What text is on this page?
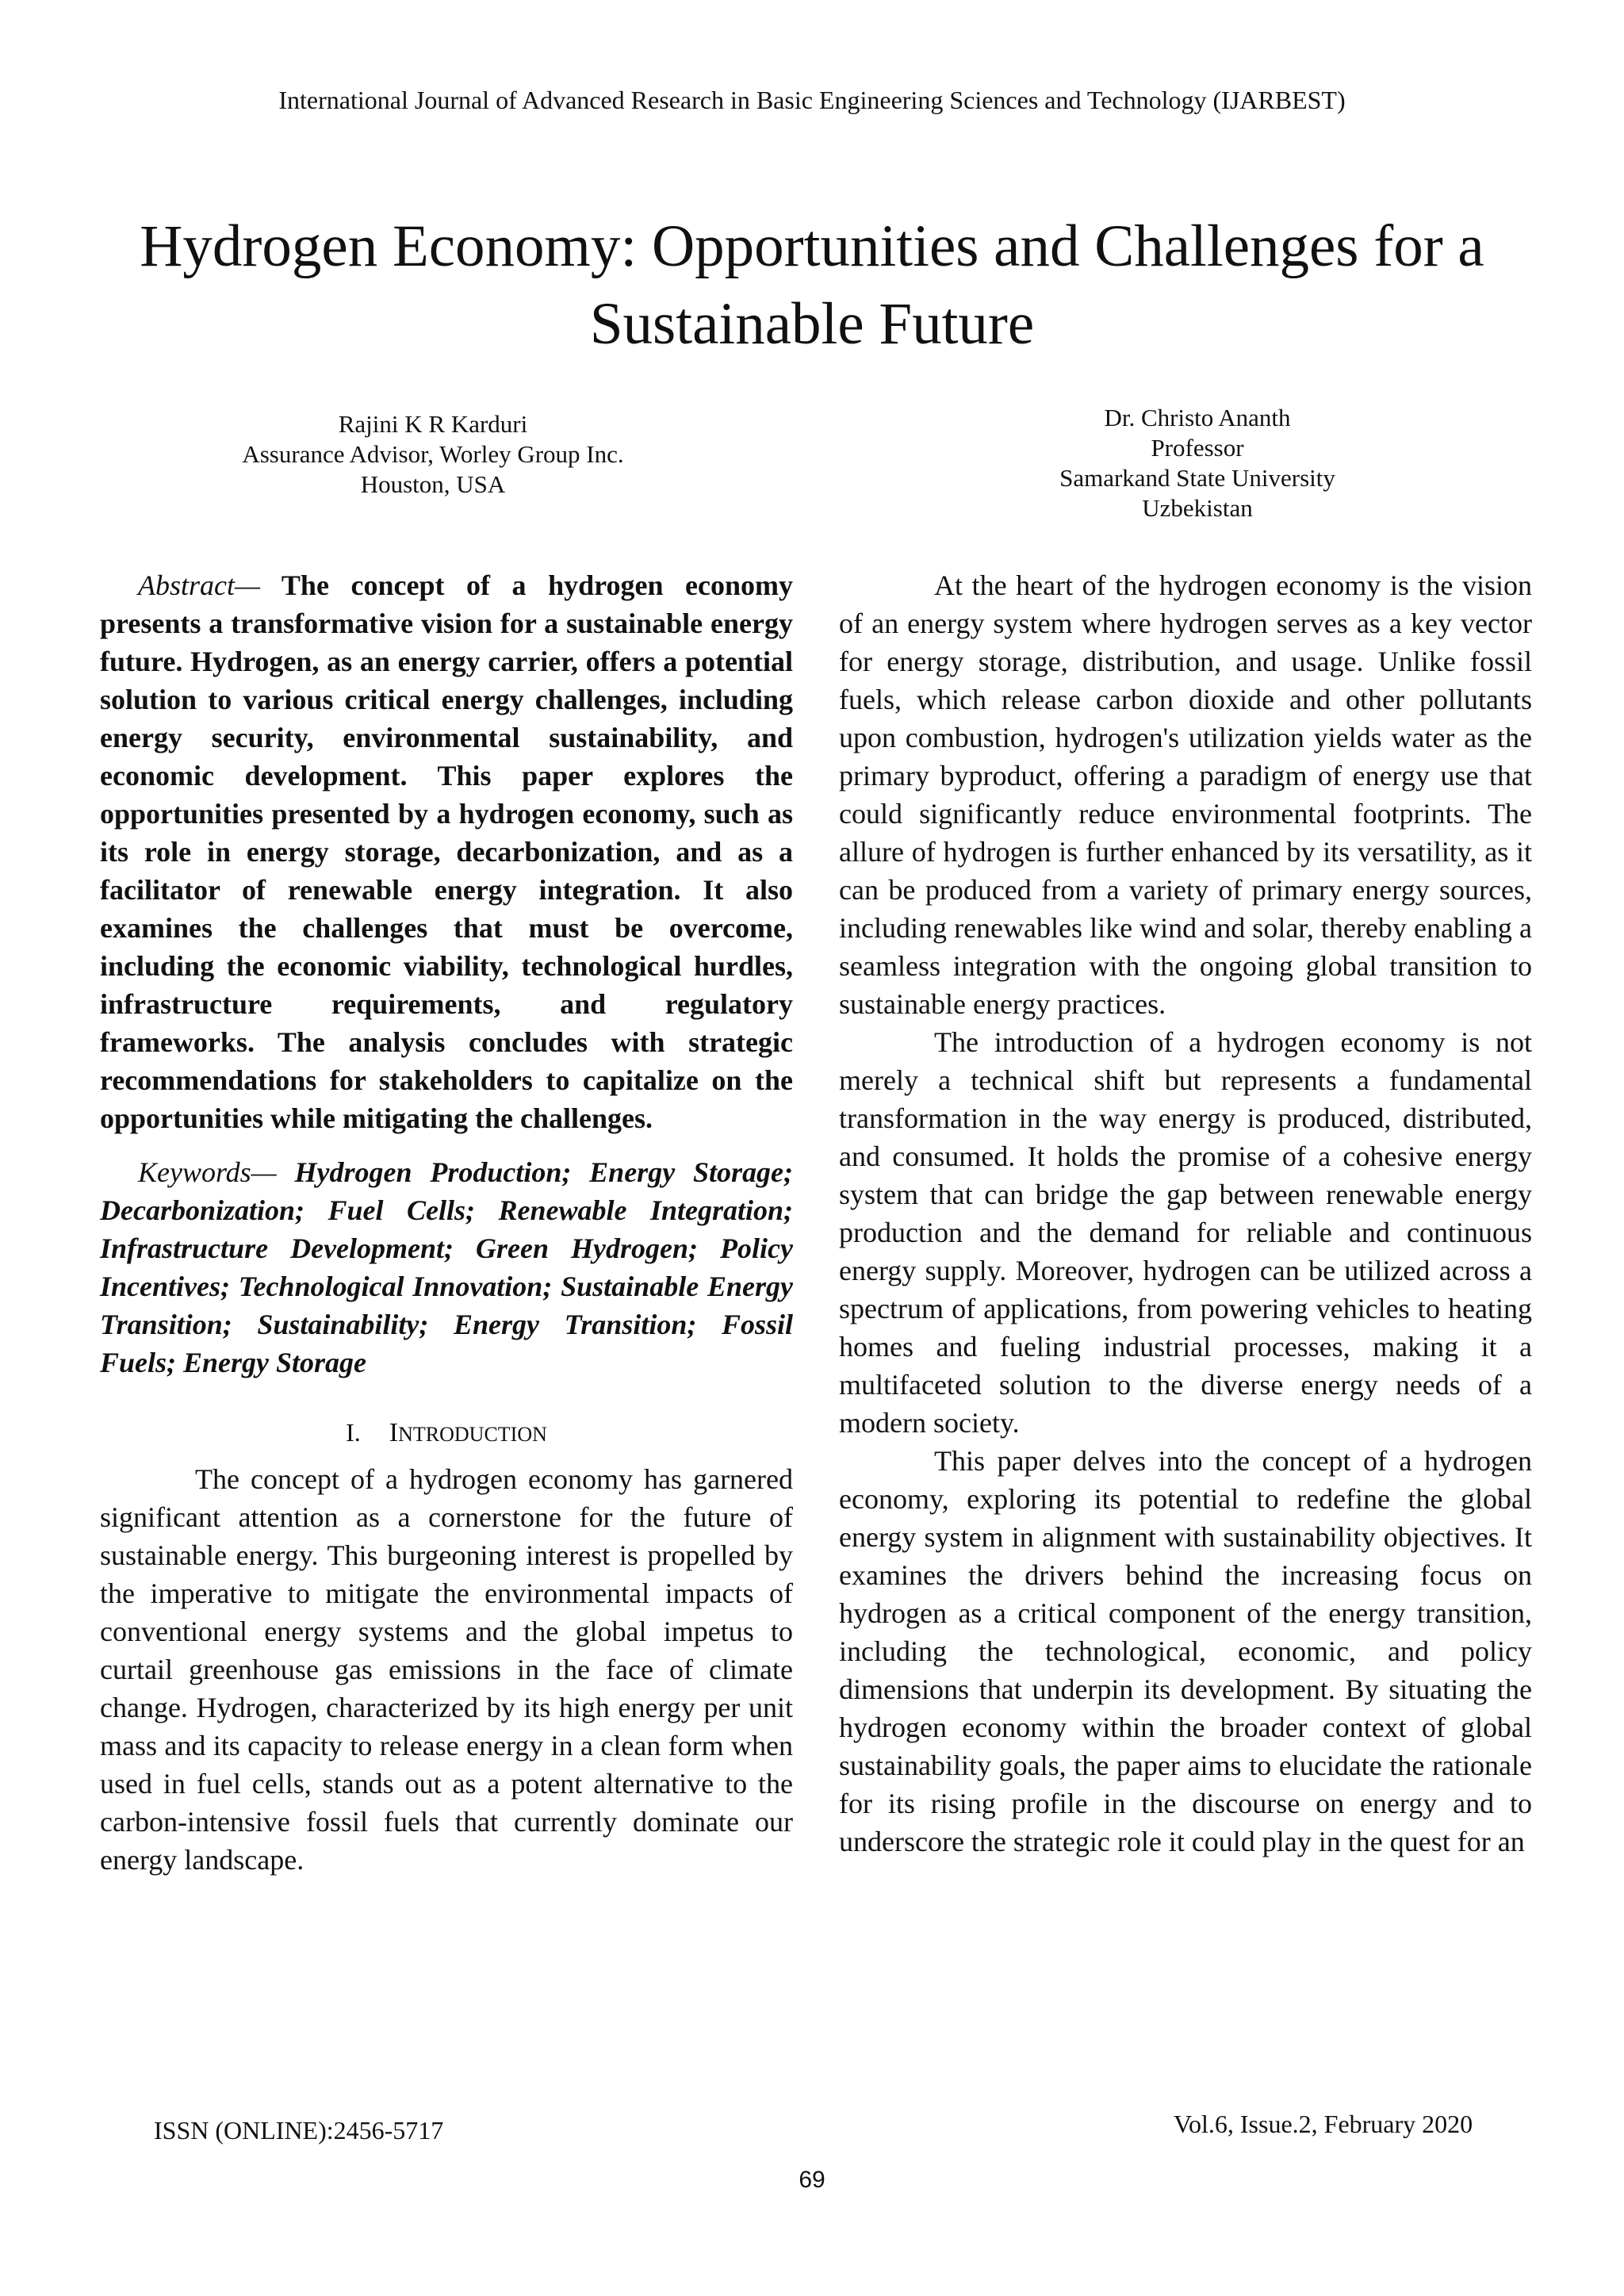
International Journal of Advanced Research in Basic Engineering Sciences and Technology (IJARBEST)
Hydrogen Economy: Opportunities and Challenges for a Sustainable Future
Rajini K R Karduri
Assurance Advisor, Worley Group Inc.
Houston, USA
Dr. Christo Ananth
Professor
Samarkand State University
Uzbekistan

Abstract— The concept of a hydrogen economy presents a transformative vision for a sustainable energy future. Hydrogen, as an energy carrier, offers a potential solution to various critical energy challenges, including energy security, environmental sustainability, and economic development. This paper explores the opportunities presented by a hydrogen economy, such as its role in energy storage, decarbonization, and as a facilitator of renewable energy integration. It also examines the challenges that must be overcome, including the economic viability, technological hurdles, infrastructure requirements, and regulatory frameworks. The analysis concludes with strategic recommendations for stakeholders to capitalize on the opportunities while mitigating the challenges.

Keywords— Hydrogen Production; Energy Storage; Decarbonization; Fuel Cells; Renewable Integration; Infrastructure Development; Green Hydrogen; Policy Incentives; Technological Innovation; Sustainable Energy Transition; Sustainability; Energy Transition; Fossil Fuels; Energy Storage

I. INTRODUCTION

The concept of a hydrogen economy has garnered significant attention as a cornerstone for the future of sustainable energy. This burgeoning interest is propelled by the imperative to mitigate the environmental impacts of conventional energy systems and the global impetus to curtail greenhouse gas emissions in the face of climate change. Hydrogen, characterized by its high energy per unit mass and its capacity to release energy in a clean form when used in fuel cells, stands out as a potent alternative to the carbon-intensive fossil fuels that currently dominate our energy landscape.

At the heart of the hydrogen economy is the vision of an energy system where hydrogen serves as a key vector for energy storage, distribution, and usage. Unlike fossil fuels, which release carbon dioxide and other pollutants upon combustion, hydrogen's utilization yields water as the primary byproduct, offering a paradigm of energy use that could significantly reduce environmental footprints. The allure of hydrogen is further enhanced by its versatility, as it can be produced from a variety of primary energy sources, including renewables like wind and solar, thereby enabling a seamless integration with the ongoing global transition to sustainable energy practices.

The introduction of a hydrogen economy is not merely a technical shift but represents a fundamental transformation in the way energy is produced, distributed, and consumed. It holds the promise of a cohesive energy system that can bridge the gap between renewable energy production and the demand for reliable and continuous energy supply. Moreover, hydrogen can be utilized across a spectrum of applications, from powering vehicles to heating homes and fueling industrial processes, making it a multifaceted solution to the diverse energy needs of a modern society.

This paper delves into the concept of a hydrogen economy, exploring its potential to redefine the global energy system in alignment with sustainability objectives. It examines the drivers behind the increasing focus on hydrogen as a critical component of the energy transition, including the technological, economic, and policy dimensions that underpin its development. By situating the hydrogen economy within the broader context of global sustainability goals, the paper aims to elucidate the rationale for its rising profile in the discourse on energy and to underscore the strategic role it could play in the quest for an

ISSN (ONLINE):2456-5717	Vol.6, Issue.2, February 2020
69
